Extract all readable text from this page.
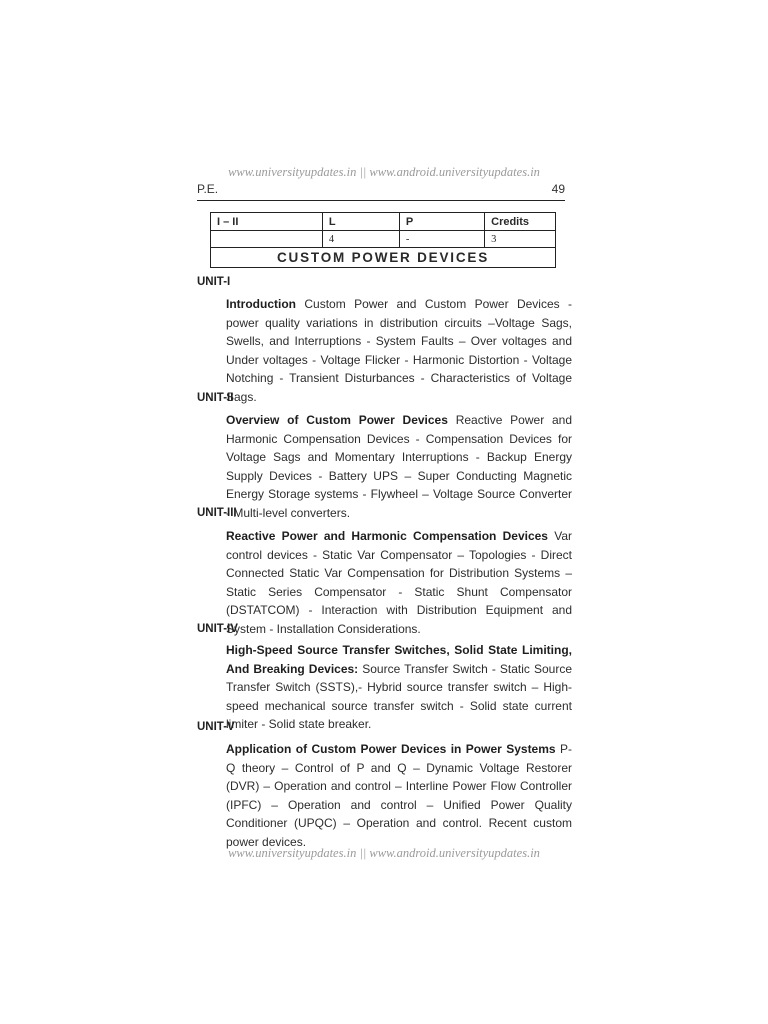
www.universityupdates.in || www.android.universityupdates.in
P.E.	49
I – II	L	P	Credits
	4	-	3
CUSTOM POWER DEVICES			
UNIT-I
Introduction Custom Power and Custom Power Devices - power quality variations in distribution circuits –Voltage Sags, Swells, and Interruptions - System Faults – Over voltages and Under voltages - Voltage Flicker - Harmonic Distortion - Voltage Notching - Transient Disturbances - Characteristics of Voltage Sags.
UNIT-II
Overview of Custom Power Devices Reactive Power and Harmonic Compensation Devices - Compensation Devices for Voltage Sags and Momentary Interruptions - Backup Energy Supply Devices - Battery UPS – Super Conducting Magnetic Energy Storage systems - Flywheel – Voltage Source Converter - Multi-level converters.
UNIT-III
Reactive Power and Harmonic Compensation Devices Var control devices - Static Var Compensator – Topologies - Direct Connected Static Var Compensation for Distribution Systems – Static Series Compensator - Static Shunt Compensator (DSTATCOM) - Interaction with Distribution Equipment and System - Installation Considerations.
UNIT-IV
High-Speed Source Transfer Switches, Solid State Limiting, And Breaking Devices: Source Transfer Switch - Static Source Transfer Switch (SSTS),- Hybrid source transfer switch – High-speed mechanical source transfer switch - Solid state current limiter - Solid state breaker.
UNIT-V
Application of Custom Power Devices in Power Systems P-Q theory – Control of P and Q – Dynamic Voltage Restorer (DVR) – Operation and control – Interline Power Flow Controller (IPFC) – Operation and control – Unified Power Quality Conditioner (UPQC) – Operation and control. Recent custom power devices.
www.universityupdates.in || www.android.universityupdates.in
